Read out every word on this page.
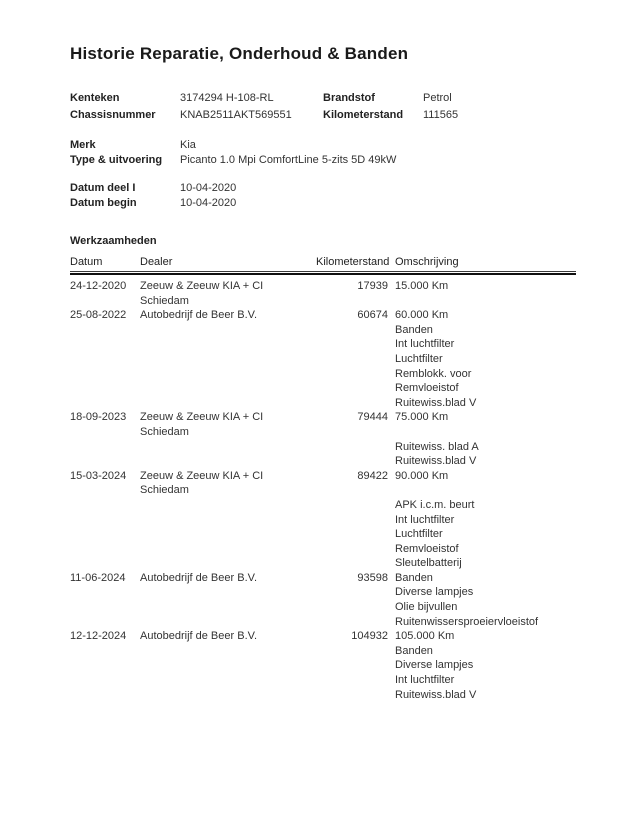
Historie Reparatie, Onderhoud & Banden
Kenteken	3174294 H-108-RL	Brandstof	Petrol
Chassisnummer	KNAB2511AKT569551	Kilometerstand	111565
Merk	Kia
Type & uitvoering	Picanto 1.0 Mpi ComfortLine 5-zits 5D 49kW
Datum deel I	10-04-2020
Datum begin	10-04-2020
Werkzaamheden
Datum	Dealer	Kilometerstand Omschrijving
24-12-2020	Zeeuw & Zeeuw KIA + CI
Schiedam
17939 15.000 Km
25-08-2022	Autobedrijf de Beer B.V.	60674 60.000 Km
Banden
Int luchtfilter
Luchtfilter
Remblokk. voor
Remvloeistof
Ruitewiss.blad V
18-09-2023	Zeeuw & Zeeuw KIA + CI
Schiedam
79444 75.000 Km
Ruitewiss. blad A
Ruitewiss.blad V
15-03-2024	Zeeuw & Zeeuw KIA + CI
Schiedam
89422 90.000 Km
APK i.c.m. beurt
Int luchtfilter
Luchtfilter
Remvloeistof
Sleutelbatterij
11-06-2024	Autobedrijf de Beer B.V.	93598 Banden
Diverse lampjes
Olie bijvullen
Ruitenwissersproeiervloeistof
12-12-2024	Autobedrijf de Beer B.V.	104932 105.000 Km
Banden
Diverse lampjes
Int luchtfilter
Ruitewiss.blad V
